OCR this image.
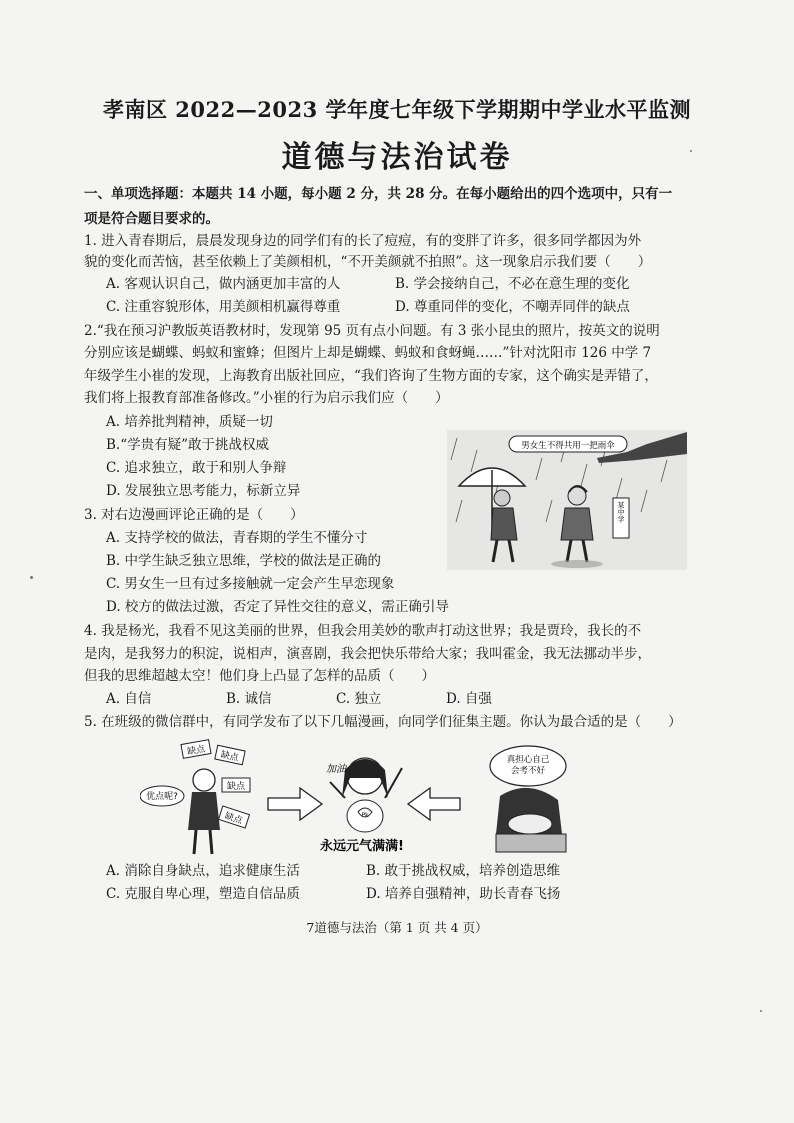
孝南区 2022—2023 学年度七年级下学期期中学业水平监测
道德与法治试卷
一、单项选择题：本题共 14 小题，每小题 2 分，共 28 分。在每小题给出的四个选项中，只有一
项是符合题目要求的。
1. 进入青春期后，晨晨发现身边的同学们有的长了痘痘，有的变胖了许多，很多同学都因为外
貌的变化而苦恼，甚至依赖上了美颜相机，“不开美颜就不拍照”。这一现象启示我们要（　　）
A. 客观认识自己，做内涵更加丰富的人	B. 学会接纳自己，不必在意生理的变化
C. 注重容貌形体，用美颜相机赢得尊重	D. 尊重同伴的变化，不嘲弄同伴的缺点
2.“我在预习沪教版英语教材时，发现第 95 页有点小问题。有 3 张小昆虫的照片，按英文的说明
分别应该是蝴蝶、蚂蚁和蜜蜂；但图片上却是蝴蝶、蚂蚁和食蚜蝇……”针对沈阳市 126 中学 7
年级学生小崔的发现，上海教育出版社回应，“我们咨询了生物方面的专家，这个确实是弄错了，
我们将上报教育部准备修改。”小崔的行为启示我们应（　　）
A. 培养批判精神，质疑一切
B.“学贵有疑”敢于挑战权威
C. 追求独立，敢于和别人争辩
D. 发展独立思考能力，标新立异
3. 对右边漫画评论正确的是（　　）
A. 支持学校的做法，青春期的学生不懂分寸
B. 中学生缺乏独立思维，学校的做法是正确的
C. 男女生一旦有过多接触就一定会产生早恋现象
D. 校方的做法过激，否定了异性交往的意义，需正确引导
男女生不得共用一把雨伞
某中学
4. 我是杨光，我看不见这美丽的世界，但我会用美妙的歌声打动这世界；我是贾玲，我长的不
是肉，是我努力的积淀，说相声，演喜剧，我会把快乐带给大家；我叫霍金，我无法挪动半步，
但我的思维超越太空！他们身上凸显了怎样的品质（　　）
A. 自信	B. 诚信	C. 独立	D. 自强
5. 在班级的微信群中，有同学发布了以下几幅漫画，向同学们征集主题。你认为最合适的是（　　）
缺点 缺点
缺点
缺点
优点呢?
Pk
加油
永远元气满满!
真担心自己
会考不好
A. 消除自身缺点，追求健康生活	B. 敢于挑战权威，培养创造思维
C. 克服自卑心理，塑造自信品质	D. 培养自强精神，助长青春飞扬
7道德与法治（第 1 页 共 4 页）
